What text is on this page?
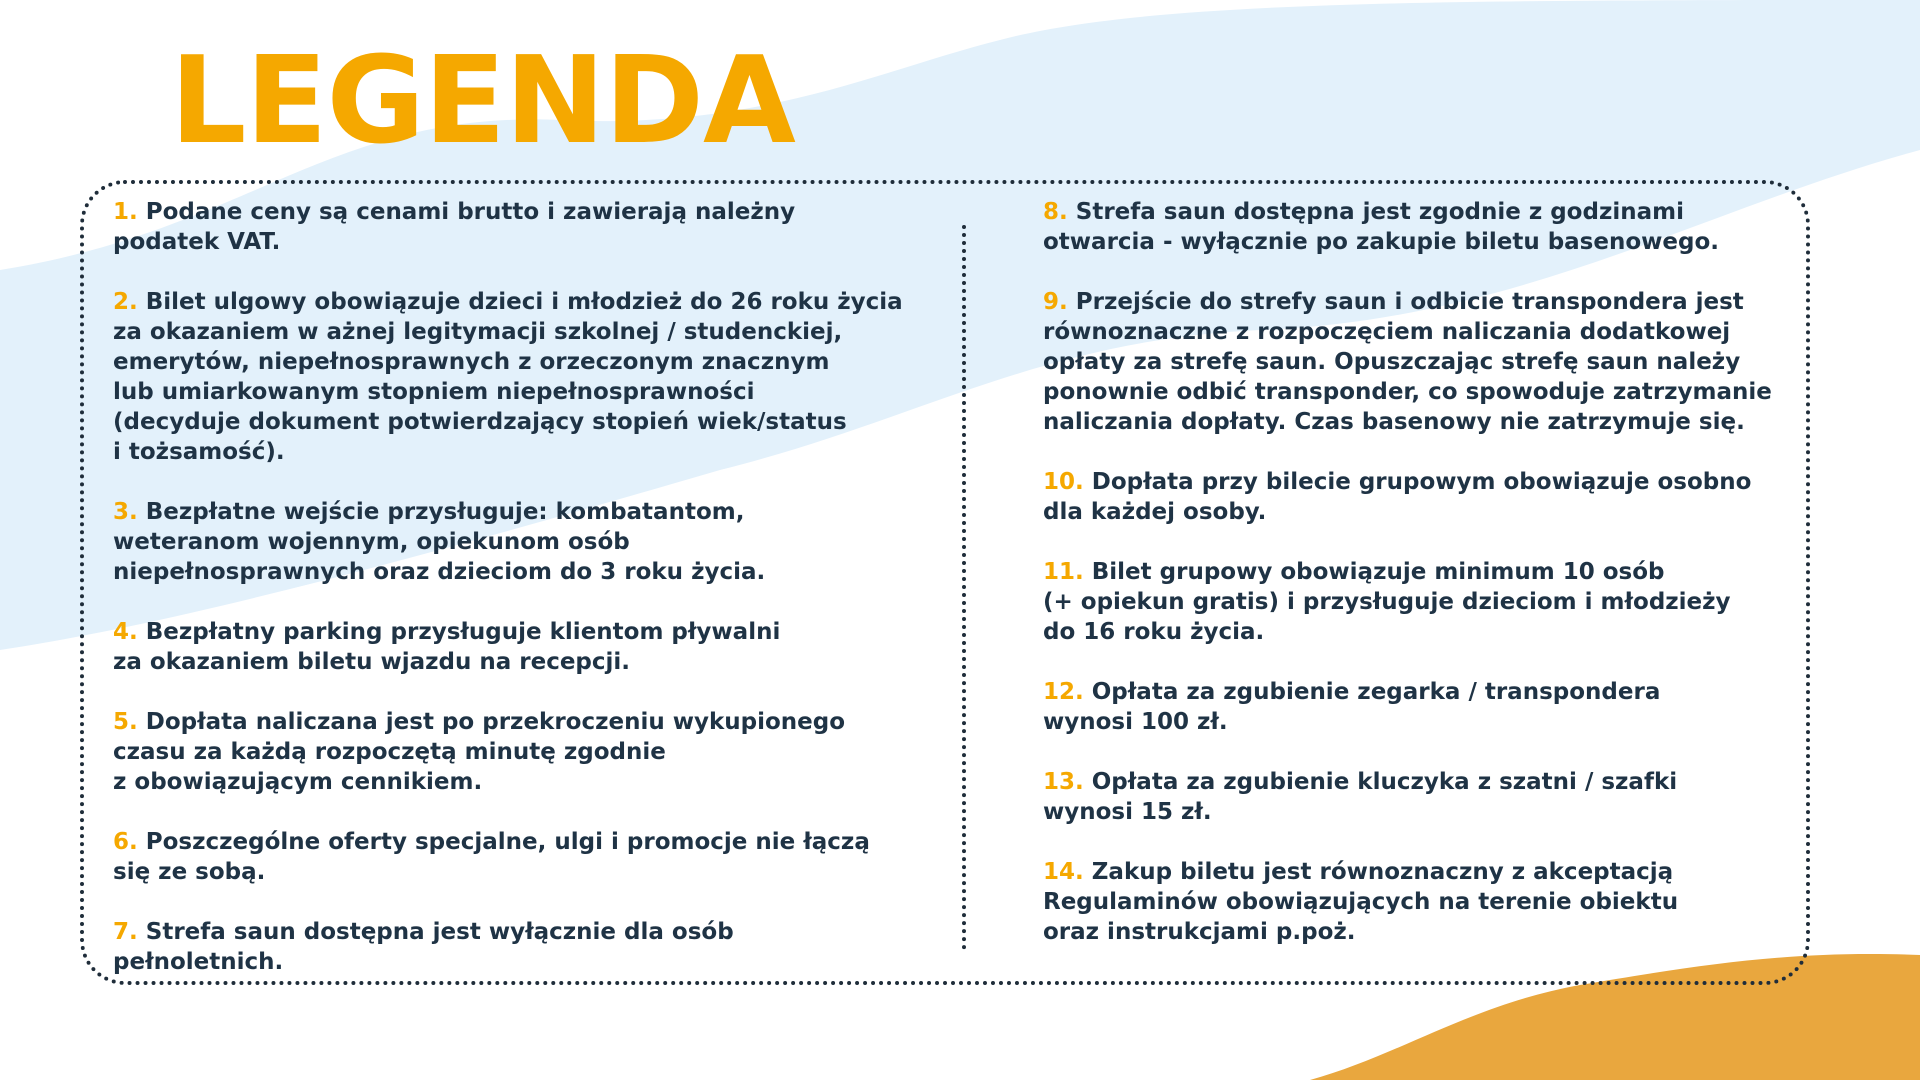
LEGENDA
1. Podane ceny są cenami brutto i zawierają należny
podatek VAT.
2. Bilet ulgowy obowiązuje dzieci i młodzież do 26 roku życia
za okazaniem w ażnej legitymacji szkolnej / studenckiej,
emerytów, niepełnosprawnych z orzeczonym znacznym
lub umiarkowanym stopniem niepełnosprawności
(decyduje dokument potwierdzający stopień wiek/status
i tożsamość).
3. Bezpłatne wejście przysługuje: kombatantom,
weteranom wojennym, opiekunom osób
niepełnosprawnych oraz dzieciom do 3 roku życia.
4. Bezpłatny parking przysługuje klientom pływalni
za okazaniem biletu wjazdu na recepcji.
5. Dopłata naliczana jest po przekroczeniu wykupionego
czasu za każdą rozpoczętą minutę zgodnie
z obowiązującym cennikiem.
6. Poszczególne oferty specjalne, ulgi i promocje nie łączą
się ze sobą.
7. Strefa saun dostępna jest wyłącznie dla osób
pełnoletnich.
8. Strefa saun dostępna jest zgodnie z godzinami
otwarcia - wyłącznie po zakupie biletu basenowego.
9. Przejście do strefy saun i odbicie transpondera jest
równoznaczne z rozpoczęciem naliczania dodatkowej
opłaty za strefę saun. Opuszczając strefę saun należy
ponownie odbić transponder, co spowoduje zatrzymanie
naliczania dopłaty. Czas basenowy nie zatrzymuje się.
10. Dopłata przy bilecie grupowym obowiązuje osobno
dla każdej osoby.
11. Bilet grupowy obowiązuje minimum 10 osób
(+ opiekun gratis) i przysługuje dzieciom i młodzieży
do 16 roku życia.
12. Opłata za zgubienie zegarka / transpondera
wynosi 100 zł.
13. Opłata za zgubienie kluczyka z szatni / szafki
wynosi 15 zł.
14. Zakup biletu jest równoznaczny z akceptacją
Regulaminów obowiązujących na terenie obiektu
oraz instrukcjami p.poż.
